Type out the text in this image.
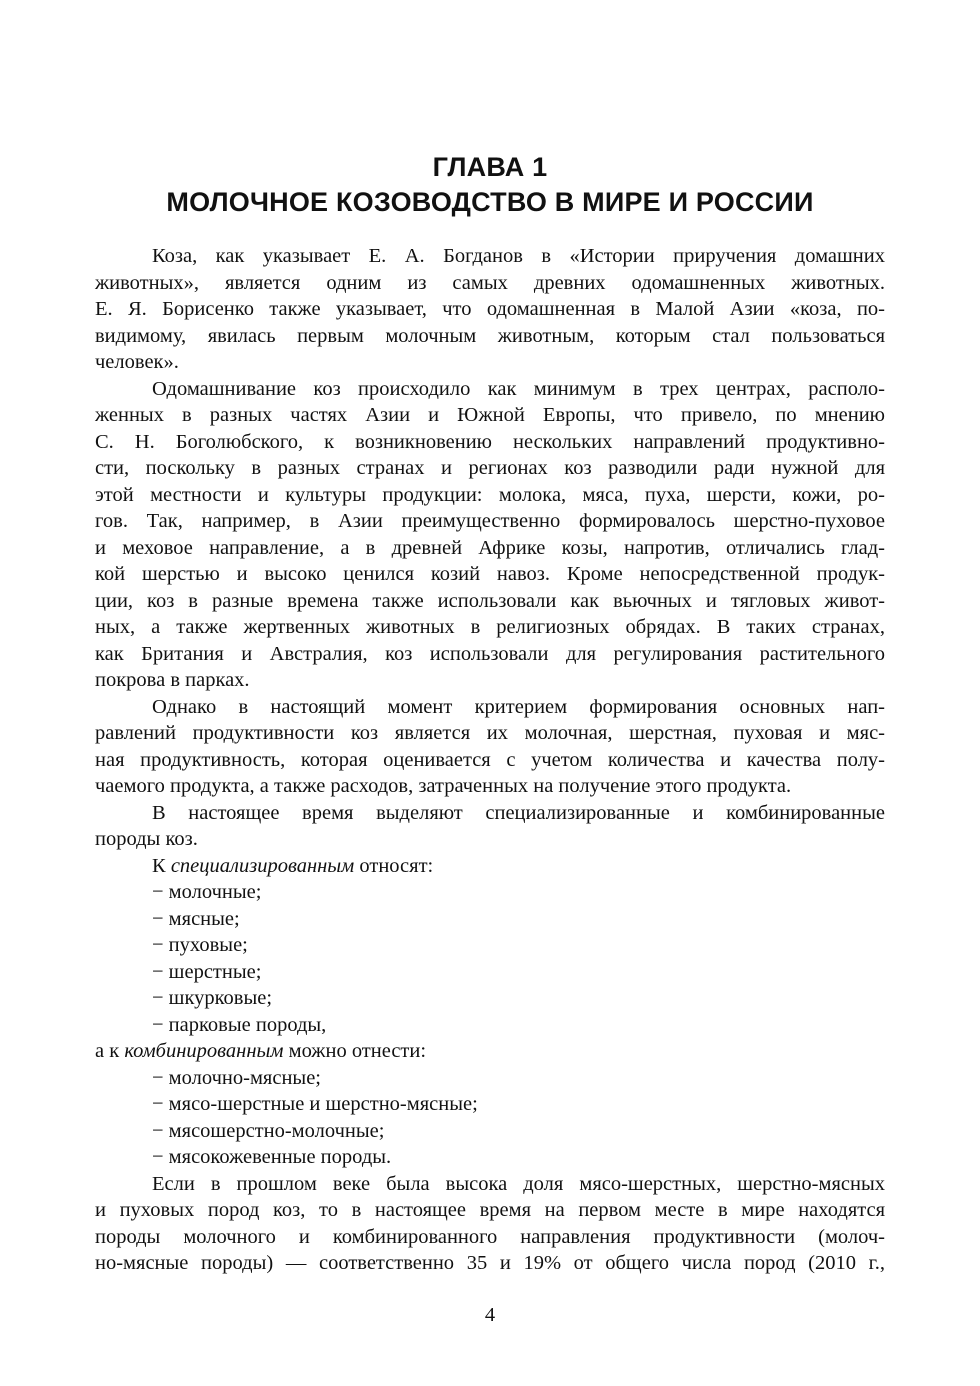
ГЛАВА 1
МОЛОЧНОЕ КОЗОВОДСТВО В МИРЕ И РОССИИ
Коза, как указывает Е. А. Богданов в «Истории приручения домашних
животных», является одним из самых древних одомашненных животных.
Е. Я. Борисенко также указывает, что одомашненная в Малой Азии «коза, по-
видимому, явилась первым молочным животным, которым стал пользоваться
человек».
Одомашнивание коз происходило как минимум в трех центрах, располо-
женных в разных частях Азии и Южной Европы, что привело, по мнению
С. Н. Боголюбского, к возникновению нескольких направлений продуктивно-
сти, поскольку в разных странах и регионах коз разводили ради нужной для
этой местности и культуры продукции: молока, мяса, пуха, шерсти, кожи, ро-
гов. Так, например, в Азии преимущественно формировалось шерстно-пуховое
и меховое направление, а в древней Африке козы, напротив, отличались глад-
кой шерстью и высоко ценился козий навоз. Кроме непосредственной продук-
ции, коз в разные времена также использовали как вьючных и тягловых живот-
ных, а также жертвенных животных в религиозных обрядах. В таких странах,
как Британия и Австралия, коз использовали для регулирования растительного
покрова в парках.
Однако в настоящий момент критерием формирования основных нап-
равлений продуктивности коз является их молочная, шерстная, пуховая и мяс-
ная продуктивность, которая оценивается с учетом количества и качества полу-
чаемого продукта, а также расходов, затраченных на получение этого продукта.
В настоящее время выделяют специализированные и комбинированные
породы коз.
К специализированным относят:
− молочные;
− мясные;
− пуховые;
− шерстные;
− шкурковые;
− парковые породы,
а к комбинированным можно отнести:
− молочно-мясные;
− мясо-шерстные и шерстно-мясные;
− мясошерстно-молочные;
− мясокожевенные породы.
Если в прошлом веке была высока доля мясо-шерстных, шерстно-мясных
и пуховых пород коз, то в настоящее время на первом месте в мире находятся
породы молочного и комбинированного направления продуктивности (молоч-
но-мясные породы) — соответственно 35 и 19% от общего числа пород (2010 г.,
4
